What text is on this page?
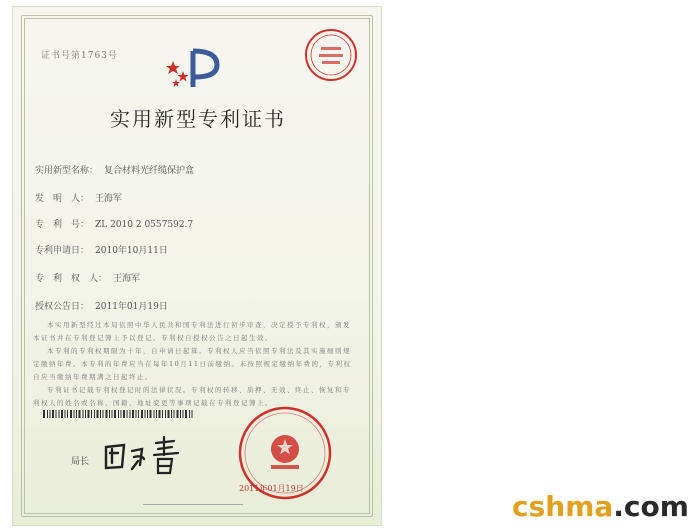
证书号第1763号
实用新型专利证书
实用新型名称： 复合材料光纤缆保护盒
发　明　人： 王海军
专　利　号： ZL 2010 2 0557592.7
专利申请日： 2010年10月11日
专　利　权　人： 王海军
授权公告日： 2011年01月19日

本实用新型经过本局依照中华人民共和国专利法进行初步审查，决定授予专利权，颁发本证书并在专利登记簿上予以登记。专利权自授权公告之日起生效。

本专利的专利权期限为十年，自申请日起算。专利权人应当依照专利法及其实施细则规定缴纳年费。本专利的年费应当在每年10月11日前缴纳。未按照规定缴纳年费的，专利权自应当缴纳年费期满之日起终止。

专利证书记载专利权登记时的法律状况。专利权的转移、质押、无效、终止、恢复和专利权人的姓名或名称、国籍、地址变更等事项记载在专利登记簿上。

局长
2011年01月19日
cshma.com
